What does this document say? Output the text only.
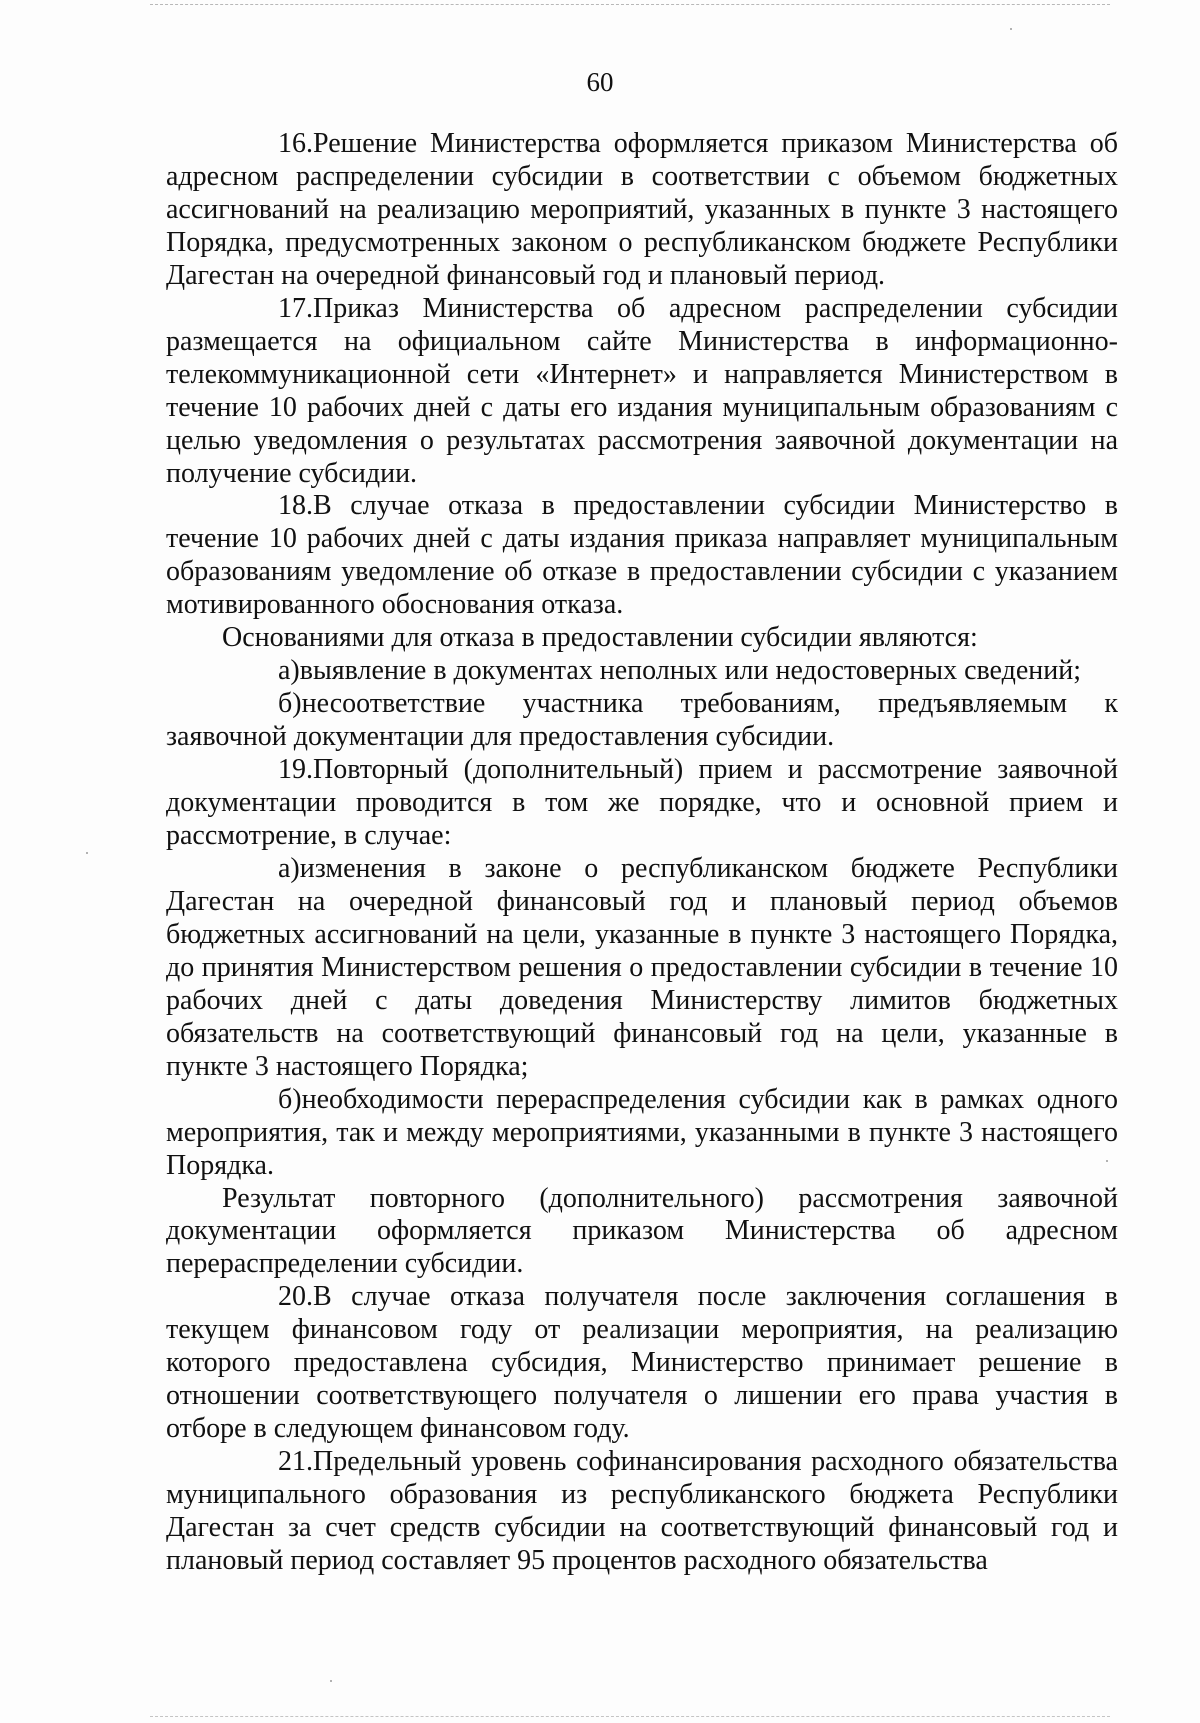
60

16.Решение Министерства оформляется приказом Министерства об адресном распределении субсидии в соответствии с объемом бюджетных ассигнований на реализацию мероприятий, указанных в пункте 3 настоящего Порядка, предусмотренных законом о республиканском бюджете Республики Дагестан на очередной финансовый год и плановый период.

17.Приказ Министерства об адресном распределении субсидии размещается на официальном сайте Министерства в информационно-телекоммуникационной сети «Интернет» и направляется Министерством в течение 10 рабочих дней с даты его издания муниципальным образованиям с целью уведомления о результатах рассмотрения заявочной документации на получение субсидии.

18.В случае отказа в предоставлении субсидии Министерство в течение 10 рабочих дней с даты издания приказа направляет муниципальным образованиям уведомление об отказе в предоставлении субсидии с указанием мотивированного обоснования отказа.

Основаниями для отказа в предоставлении субсидии являются:

а)выявление в документах неполных или недостоверных сведений;

б)несоответствие участника требованиям, предъявляемым к заявочной документации для предоставления субсидии.

19.Повторный (дополнительный) прием и рассмотрение заявочной документации проводится в том же порядке, что и основной прием и рассмотрение, в случае:

а)изменения в законе о республиканском бюджете Республики Дагестан на очередной финансовый год и плановый период объемов бюджетных ассигнований на цели, указанные в пункте 3 настоящего Порядка, до принятия Министерством решения о предоставлении субсидии в течение 10 рабочих дней с даты доведения Министерству лимитов бюджетных обязательств на соответствующий финансовый год на цели, указанные в пункте 3 настоящего Порядка;

б)необходимости перераспределения субсидии как в рамках одного мероприятия, так и между мероприятиями, указанными в пункте 3 настоящего Порядка.

Результат повторного (дополнительного) рассмотрения заявочной документации оформляется приказом Министерства об адресном перераспределении субсидии.

20.В случае отказа получателя после заключения соглашения в текущем финансовом году от реализации мероприятия, на реализацию которого предоставлена субсидия, Министерство принимает решение в отношении соответствующего получателя о лишении его права участия в отборе в следующем финансовом году.

21.Предельный уровень софинансирования расходного обязательства муниципального образования из республиканского бюджета Республики Дагестан за счет средств субсидии на соответствующий финансовый год и плановый период составляет 95 процентов расходного обязательства
